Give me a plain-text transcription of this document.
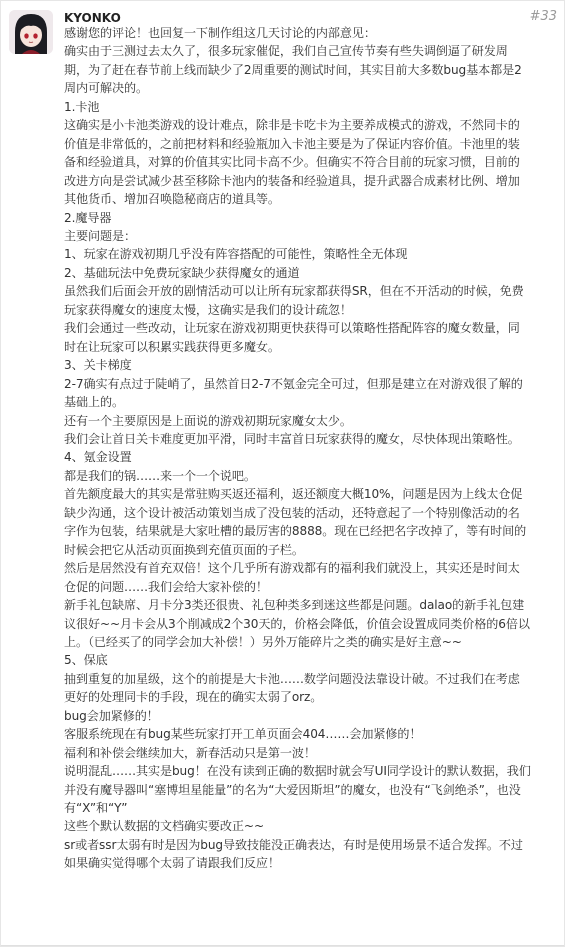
KYONKO	#33

感谢您的评论！也回复一下制作组这几天讨论的内部意见：

确实由于三测过去太久了，很多玩家催促，我们自己宣传节奏有些失调倒逼了研发周

期，为了赶在春节前上线而缺少了2周重要的测试时间，其实目前大多数bug基本都是2

周内可解决的。

1.卡池

这确实是小卡池类游戏的设计难点，除非是卡吃卡为主要养成模式的游戏，不然同卡的

价值是非常低的，之前把材料和经验瓶加入卡池主要是为了保证内容价值。卡池里的装

备和经验道具，对算的价值其实比同卡高不少。但确实不符合目前的玩家习惯，目前的

改进方向是尝试减少甚至移除卡池内的装备和经验道具，提升武器合成素材比例、增加

其他货币、增加召唤隐秘商店的道具等。

2.魔导器

主要问题是：

1、玩家在游戏初期几乎没有阵容搭配的可能性，策略性全无体现

2、基础玩法中免费玩家缺少获得魔女的通道

虽然我们后面会开放的剧情活动可以让所有玩家都获得SR，但在不开活动的时候，免费

玩家获得魔女的速度太慢，这确实是我们的设计疏忽！

我们会通过一些改动，让玩家在游戏初期更快获得可以策略性搭配阵容的魔女数量，同

时在让玩家可以积累实践获得更多魔女。

3、关卡梯度

2-7确实有点过于陡峭了，虽然首日2-7不氪金完全可过，但那是建立在对游戏很了解的

基础上的。

还有一个主要原因是上面说的游戏初期玩家魔女太少。

我们会让首日关卡难度更加平滑，同时丰富首日玩家获得的魔女，尽快体现出策略性。

4、氪金设置

都是我们的锅……来一个一个说吧。

首先额度最大的其实是常驻购买返还福利，返还额度大概10%，问题是因为上线太仓促

缺少沟通，这个设计被活动策划当成了没包装的活动，还特意起了一个特别像活动的名

字作为包装，结果就是大家吐槽的最厉害的8888。现在已经把名字改掉了，等有时间的

时候会把它从活动页面换到充值页面的子栏。

然后是居然没有首充双倍！这个几乎所有游戏都有的福利我们就没上，其实还是时间太

仓促的问题……我们会给大家补偿的！

新手礼包缺席、月卡分3类还很贵、礼包种类多到迷这些都是问题。dalao的新手礼包建

议很好~~月卡会从3个削减成2个30天的，价格会降低，价值会设置成同类价格的6倍以

上。（已经买了的同学会加大补偿！）另外万能碎片之类的确实是好主意~~

5、保底

抽到重复的加星级，这个的前提是大卡池……数学问题没法靠设计破。不过我们在考虑

更好的处理同卡的手段，现在的确实太弱了orz。

bug会加紧修的！

客服系统现在有bug某些玩家打开工单页面会404……会加紧修的！

福利和补偿会继续加大，新春活动只是第一波！

说明混乱……其实是bug！在没有读到正确的数据时就会写UI同学设计的默认数据，我们

并没有魔导器叫“塞博坦星能量”的名为“大爱因斯坦”的魔女，也没有“飞剑绝杀”，也没

有“X”和“Y”

这些个默认数据的文档确实要改正~~

sr或者ssr太弱有时是因为bug导致技能没正确表达，有时是使用场景不适合发挥。不过

如果确实觉得哪个太弱了请跟我们反应！
